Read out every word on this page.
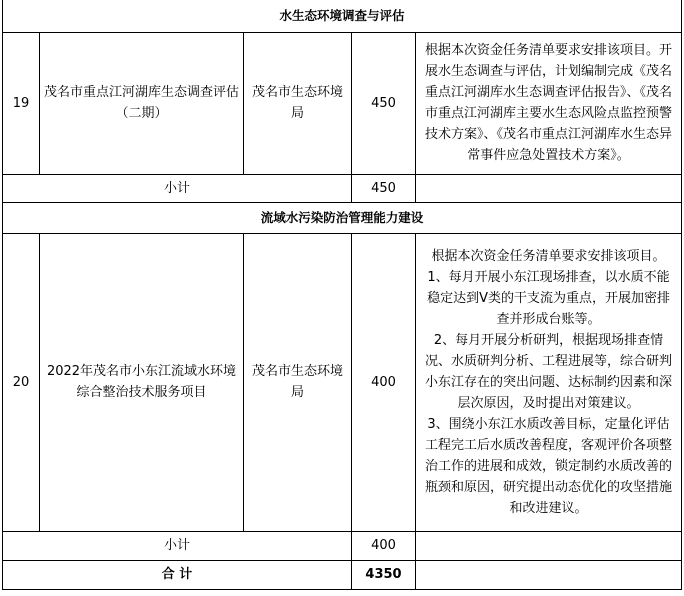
水生态环境调查与评估				
19	茂名市重点江河湖库生态调查评估（二期）	茂名市生态环境局	450	根据本次资金任务清单要求安排该项目。开展水生态调查与评估，计划编制完成《茂名重点江河湖库水生态调查评估报告》、《茂名市重点江河湖库主要水生态风险点监控预警技术方案》、《茂名市重点江河湖库水生态异常事件应急处置技术方案》。

小计			450	
流域水污染防治管理能力建设				
20	2022年茂名市小东江流域水环境综合整治技术服务项目	茂名市生态环境局	400	根据本次资金任务清单要求安排该项目。
1、每月开展小东江现场排查，以水质不能稳定达到V类的干支流为重点，开展加密排查并形成台账等。
2、每月开展分析研判，根据现场排查情况、水质研判分析、工程进展等，综合研判小东江存在的突出问题、达标制约因素和深层次原因，及时提出对策建议。
3、围绕小东江水质改善目标，定量化评估工程完工后水质改善程度，客观评价各项整治工作的进展和成效，锁定制约水质改善的瓶颈和原因，研究提出动态优化的攻坚措施和改进建议。

小计			400	
合 计			4350	
